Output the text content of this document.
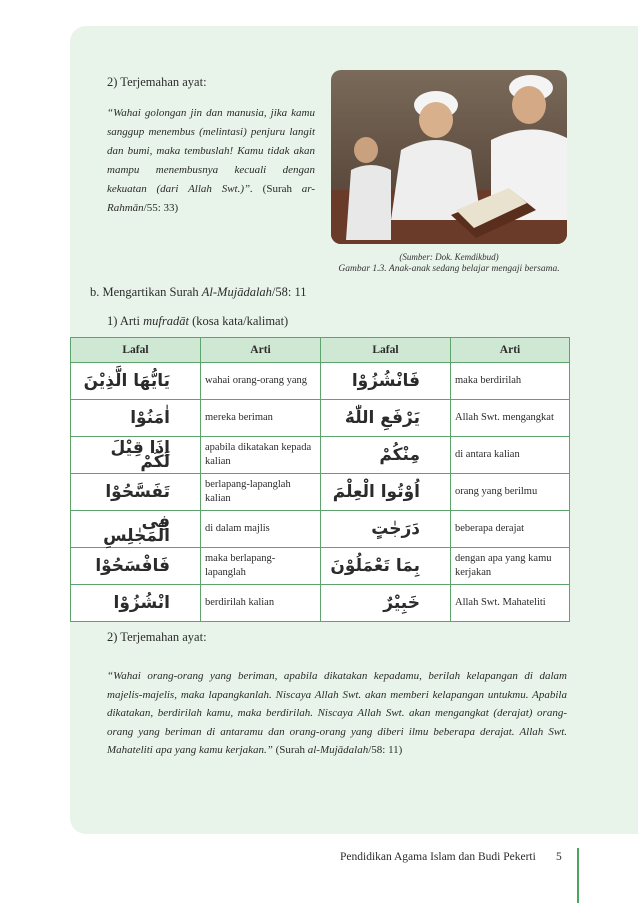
2) Terjemahan ayat:
“Wahai golongan jin dan manusia, jika kamu sanggup menembus (melintasi) penjuru langit dan bumi, maka tembuslah! Kamu tidak akan mampu menembusnya kecuali dengan kekuatan (dari Allah Swt.)”. (Surah ar-Rahmān/55: 33)
(Sumber: Dok. Kemdikbud)
Gambar 1.3. Anak-anak sedang belajar mengaji bersama.
b. Mengartikan Surah Al-Mujādalah/58: 11
1) Arti mufradāt (kosa kata/kalimat)
Lafal	Arti	Lafal	Arti
يَايُّهَا الَّذِيْنَ	wahai orang-orang yang	فَانْشُزُوْا	maka berdirilah
اٰمَنُوْا	mereka beriman	يَرْفَعِ اللّٰهُ	Allah Swt. mengangkat
اِذَا قِيْلَ لَكُمْ	apabila dikatakan kepada kalian	مِنْكُمْ	di antara kalian
تَفَسَّحُوْا	berlapang-lapanglah kalian	اُوْتُوا الْعِلْمَ	orang yang berilmu
فِى الْمَجٰلِسِ	di dalam majlis	دَرَجٰتٍ	beberapa derajat
فَافْسَحُوْا	maka berlapang-lapanglah	بِمَا تَعْمَلُوْنَ	dengan apa yang kamu kerjakan
انْشُزُوْا	berdirilah kalian	خَبِيْرٌ	Allah Swt. Mahateliti
2) Terjemahan ayat:
“Wahai orang-orang yang beriman, apabila dikatakan kepadamu, berilah kelapangan di dalam majelis-majelis, maka lapangkanlah. Niscaya Allah Swt. akan memberi kelapangan untukmu. Apabila dikatakan, berdirilah kamu, maka berdirilah. Niscaya Allah Swt. akan mengangkat (derajat) orang-orang yang beriman di antaramu dan orang-orang yang diberi ilmu beberapa derajat. Allah Swt. Mahateliti apa yang kamu kerjakan.” (Surah al-Mujādalah/58: 11)
Pendidikan Agama Islam dan Budi Pekerti 5
